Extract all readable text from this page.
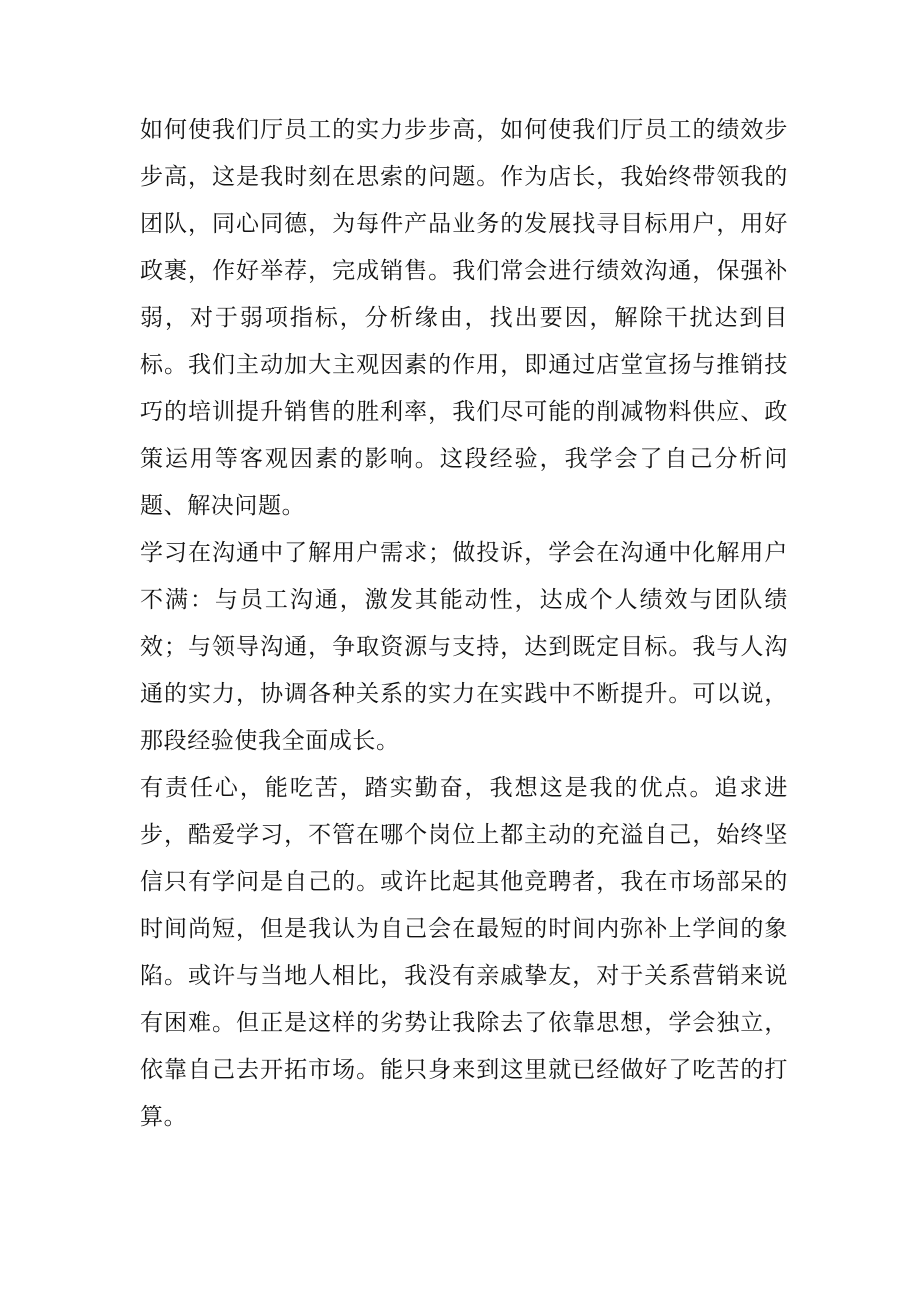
如何使我们厅员工的实力步步高，如何使我们厅员工的绩效步步高，这是我时刻在思索的问题。作为店长，我始终带领我的团队，同心同德，为每件产品业务的发展找寻目标用户，用好政裹，作好举荐，完成销售。我们常会进行绩效沟通，保强补弱，对于弱项指标，分析缘由，找出要因，解除干扰达到目标。我们主动加大主观因素的作用，即通过店堂宣扬与推销技巧的培训提升销售的胜利率，我们尽可能的削减物料供应、政策运用等客观因素的影响。这段经验，我学会了自己分析问题、解决问题。

学习在沟通中了解用户需求；做投诉，学会在沟通中化解用户不满：与员工沟通，激发其能动性，达成个人绩效与团队绩效；与领导沟通，争取资源与支持，达到既定目标。我与人沟通的实力，协调各种关系的实力在实践中不断提升。可以说，那段经验使我全面成长。

有责任心，能吃苦，踏实勤奋，我想这是我的优点。追求进步，酷爱学习，不管在哪个岗位上都主动的充溢自己，始终坚信只有学问是自己的。或许比起其他竞聘者，我在市场部呆的时间尚短，但是我认为自己会在最短的时间内弥补上学间的象陷。或许与当地人相比，我没有亲戚挚友，对于关系营销来说有困难。但正是这样的劣势让我除去了依靠思想，学会独立，依靠自己去开拓市场。能只身来到这里就已经做好了吃苦的打算。
